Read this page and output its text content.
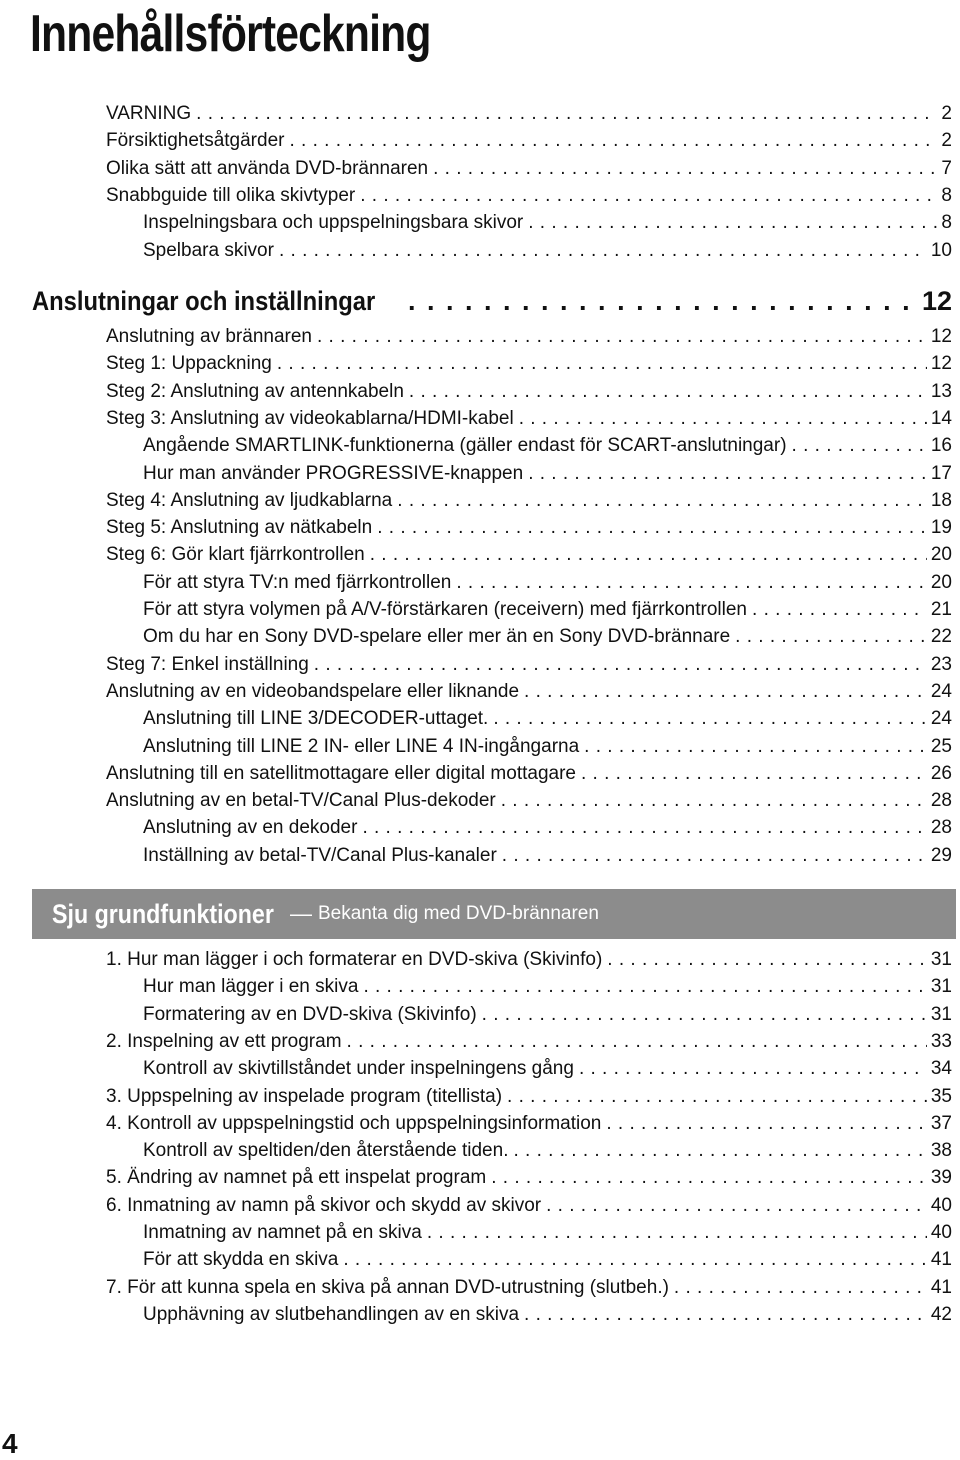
Innehållsförteckning
VARNING . . .	2
Försiktighetsåtgärder . . .	2
Olika sätt att använda DVD-brännaren . . .	7
Snabbguide till olika skivtyper . . .	8
Inspelningsbara och uppspelningsbara skivor . . .	8
Spelbara skivor . . .	10
Anslutningar och inställningar . . .	12
Anslutning av brännaren . . .	12
Steg 1: Uppackning . . .	12
Steg 2: Anslutning av antennkabeln . . .	13
Steg 3: Anslutning av videokablarna/HDMI-kabel . . .	14
Angående SMARTLINK-funktionerna (gäller endast för SCART-anslutningar) . . .	16
Hur man använder PROGRESSIVE-knappen . . .	17
Steg 4: Anslutning av ljudkablarna . . .	18
Steg 5: Anslutning av nätkabeln . . .	19
Steg 6: Gör klart fjärrkontrollen . . .	20
För att styra TV:n med fjärrkontrollen . . .	20
För att styra volymen på A/V-förstärkaren (receivern) med fjärrkontrollen . . .	21
Om du har en Sony DVD-spelare eller mer än en Sony DVD-brännare . . .	22
Steg 7: Enkel inställning . . .	23
Anslutning av en videobandspelare eller liknande . . .	24
Anslutning till LINE 3/DECODER-uttaget. . . .	24
Anslutning till LINE 2 IN- eller LINE 4 IN-ingångarna . . .	25
Anslutning till en satellitmottagare eller digital mottagare . . .	26
Anslutning av en betal-TV/Canal Plus-dekoder . . .	28
Anslutning av en dekoder . . .	28
Inställning av betal-TV/Canal Plus-kanaler . . .	29
Sju grundfunktioner — Bekanta dig med DVD-brännaren
1. Hur man lägger i och formaterar en DVD-skiva (Skivinfo) . . .	31
Hur man lägger i en skiva . . .	31
Formatering av en DVD-skiva (Skivinfo) . . .	31
2. Inspelning av ett program . . .	33
Kontroll av skivtillståndet under inspelningens gång . . .	34
3. Uppspelning av inspelade program (titellista) . . .	35
4. Kontroll av uppspelningstid och uppspelningsinformation . . .	37
Kontroll av speltiden/den återstående tiden. . . .	38
5. Ändring av namnet på ett inspelat program . . .	39
6. Inmatning av namn på skivor och skydd av skivor . . .	40
Inmatning av namnet på en skiva . . .	40
För att skydda en skiva . . .	41
7. För att kunna spela en skiva på annan DVD-utrustning (slutbeh.) . . .	41
Upphävning av slutbehandlingen av en skiva . . .	42
4
